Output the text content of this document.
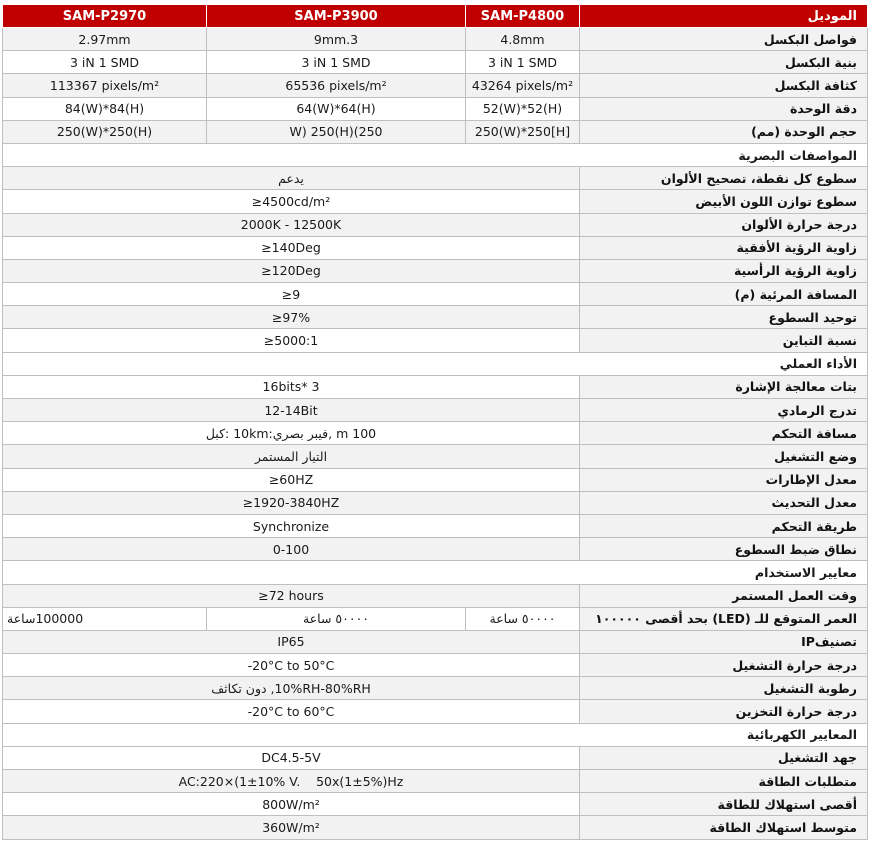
SAM-P2970	SAM-P3900	SAM-P4800	الموديل
2.97mm	9mm.3	4.8mm	فواصل البكسل
3 iN 1 SMD	3 iN 1 SMD	3 iN 1 SMD	بنية البكسل
113367 pixels/m²	65536 pixels/m²	43264 pixels/m²	كثافة البكسل
84(W)*84(H)	64(W)*64(H)	52(W)*52(H)	دقة الوحدة
250(W)*250(H)	W) 250(H)(250	250(W)*250[H]	حجم الوحدة (مم)
المواصفات البصرية			
يدعم			سطوع كل نقطة، تصحيح الألوان
≥4500cd/m²			سطوع توازن اللون الأبيض
2000K - 12500K			درجة حرارة الألوان
≥140Deg			زاوية الرؤية الأفقية
≥120Deg			زاوية الرؤية الرأسية
≥9			المسافة المرئية (م)
≥97%			توحيد السطوع
≥5000:1			نسبة التباين
الأداء العملي			
16bits* 3			بتات معالجة الإشارة
12-14Bit			تدرج الرمادي
100 m ,فيبر بصري:10km :كبل			مسافة التحكم
التيار المستمر			وضع التشغيل
≥60HZ			معدل الإطارات
≥1920-3840HZ			معدل التحديث
Synchronize			طريقة التحكم
0-100			نطاق ضبط السطوع
معايير الاستخدام			
≥72 hours			وقت العمل المستمر
100000ساعة	٥٠٠٠٠ ساعة	٥٠٠٠٠ ساعة	العمر المتوقع للـ (LED) بحد أقصى ١٠٠٠٠٠
IP65			تصنيفIP
-20°C to 50°C			درجة حرارة التشغيل
10%RH-80%RH, دون تكاثف			رطوبة التشغيل
-20°C to 60°C			درجة حرارة التخزين
المعايير الكهربائية			
DC4.5-5V			جهد التشغيل
AC:220×(1±10% V.    50x(1±5%)Hz			متطلبات الطاقة
800W/m²			أقصى استهلاك للطاقة
360W/m²			متوسط استهلاك الطاقة
